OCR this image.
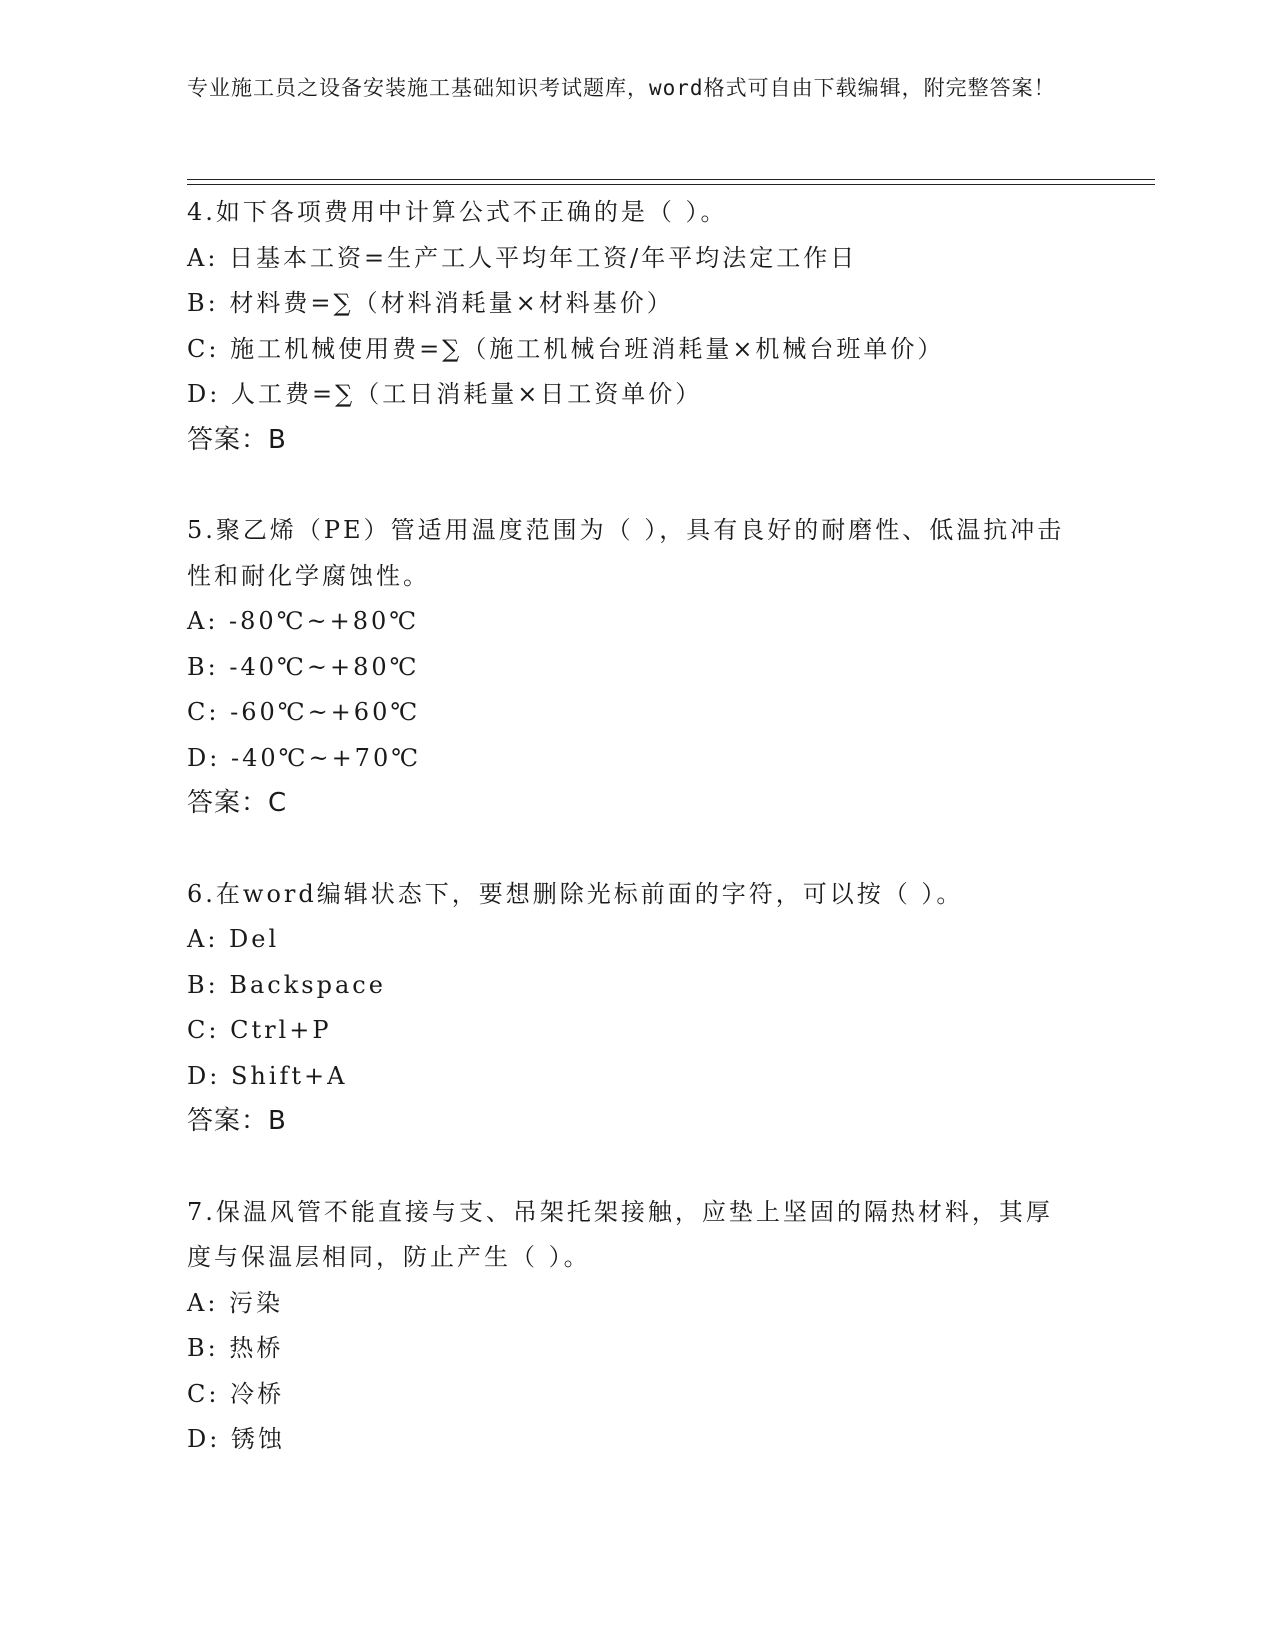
专业施工员之设备安装施工基础知识考试题库，word格式可自由下载编辑，附完整答案！
4.如下各项费用中计算公式不正确的是（ ）。
A: 日基本工资=生产工人平均年工资/年平均法定工作日
B: 材料费=∑（材料消耗量×材料基价）
C: 施工机械使用费=∑（施工机械台班消耗量×机械台班单价）
D: 人工费=∑（工日消耗量×日工资单价）
答案：B
5.聚乙烯（PE）管适用温度范围为（ ），具有良好的耐磨性、低温抗冲击性和耐化学腐蚀性。
A: -80℃~+80℃
B: -40℃~+80℃
C: -60℃~+60℃
D: -40℃~+70℃
答案：C
6.在word编辑状态下，要想删除光标前面的字符，可以按（ ）。
A: Del
B: Backspace
C: Ctrl+P
D: Shift+A
答案：B
7.保温风管不能直接与支、吊架托架接触，应垫上坚固的隔热材料，其厚度与保温层相同，防止产生（ ）。
A: 污染
B: 热桥
C: 冷桥
D: 锈蚀
